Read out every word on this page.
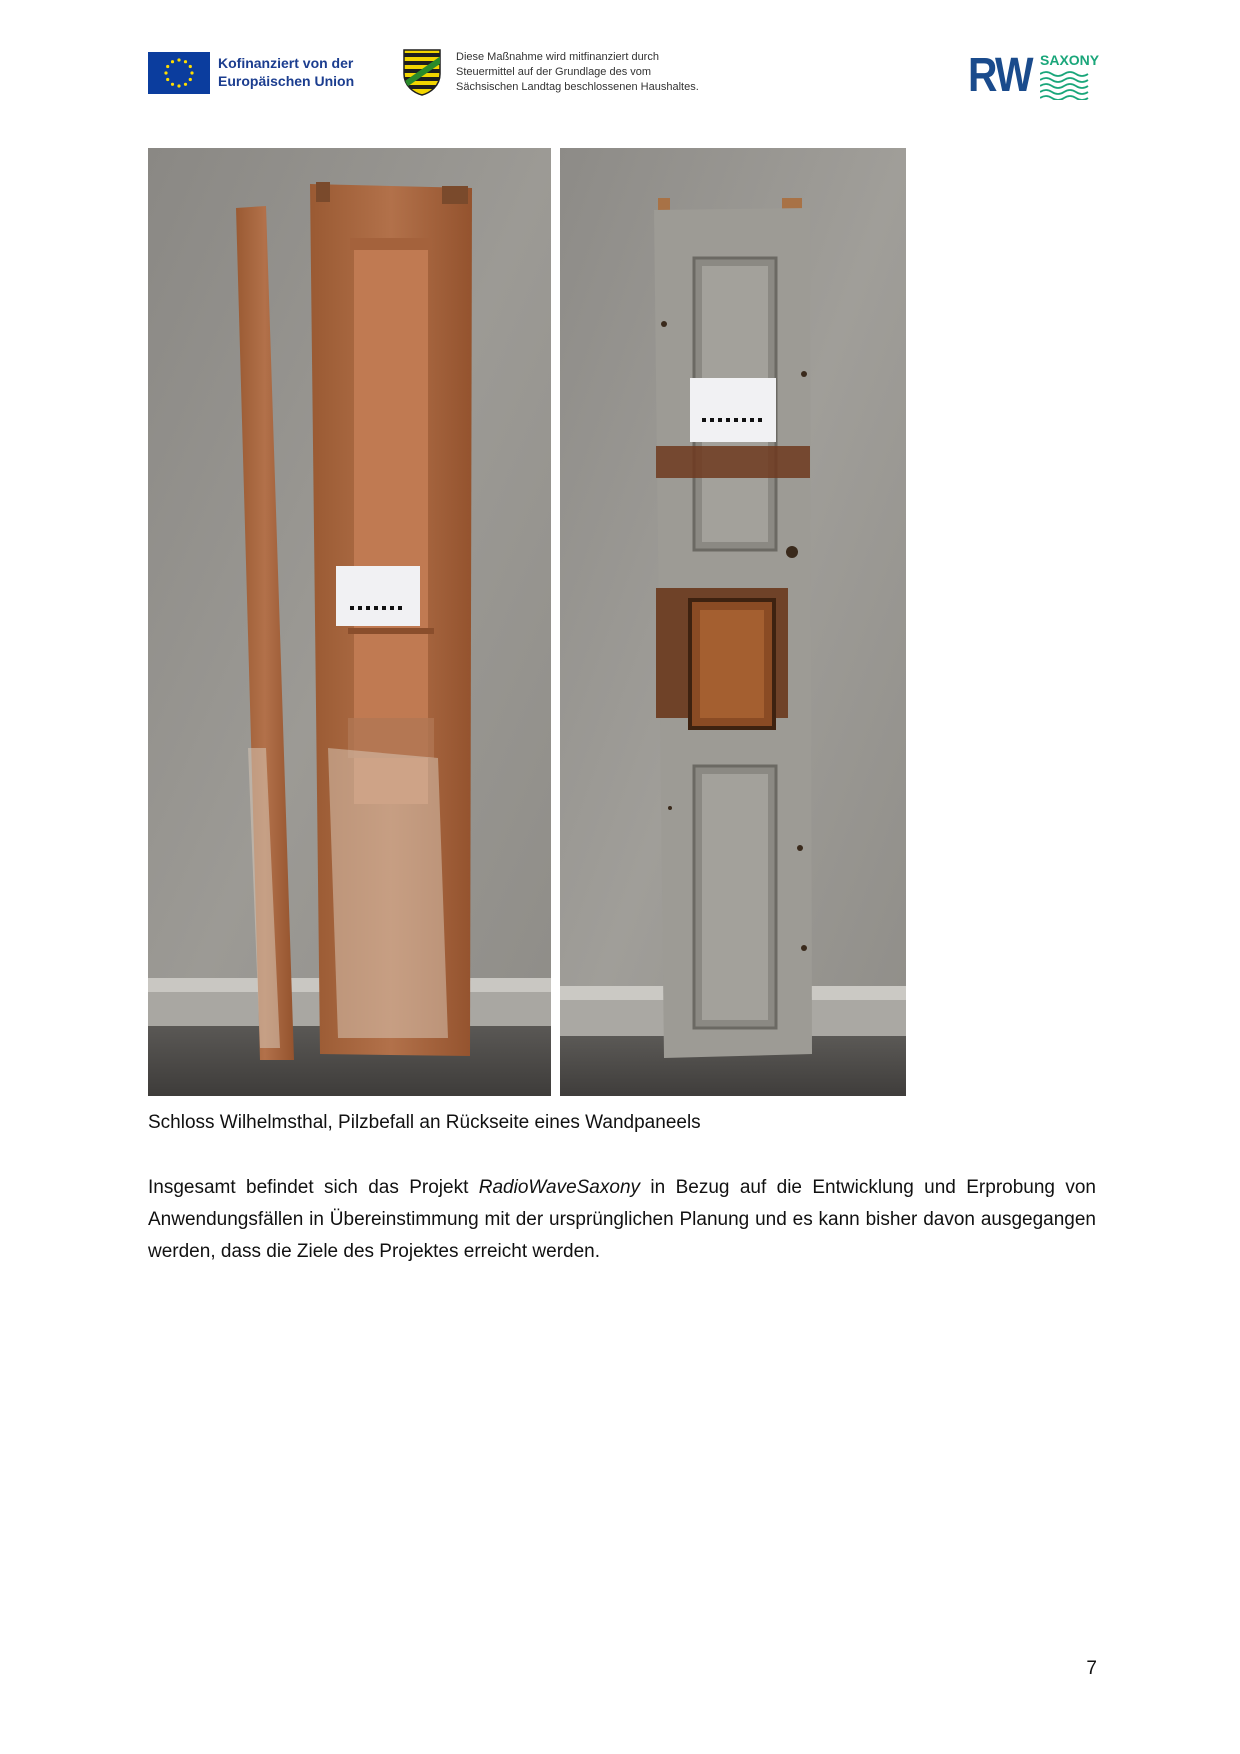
Kofinanziert von der
Europäischen Union
Diese Maßnahme wird mitfinanziert durch
Steuermittel auf der Grundlage des vom
Sächsischen Landtag beschlossenen Haushaltes.	RW SAXONY
Schloss Wilhelmsthal, Pilzbefall an Rückseite eines Wandpaneels
Insgesamt befindet sich das Projekt RadioWaveSaxony in Bezug auf die Entwicklung und Erprobung von Anwendungsfällen in Übereinstimmung mit der ursprünglichen Planung und es kann bisher davon ausgegangen werden, dass die Ziele des Projektes erreicht werden.
7
